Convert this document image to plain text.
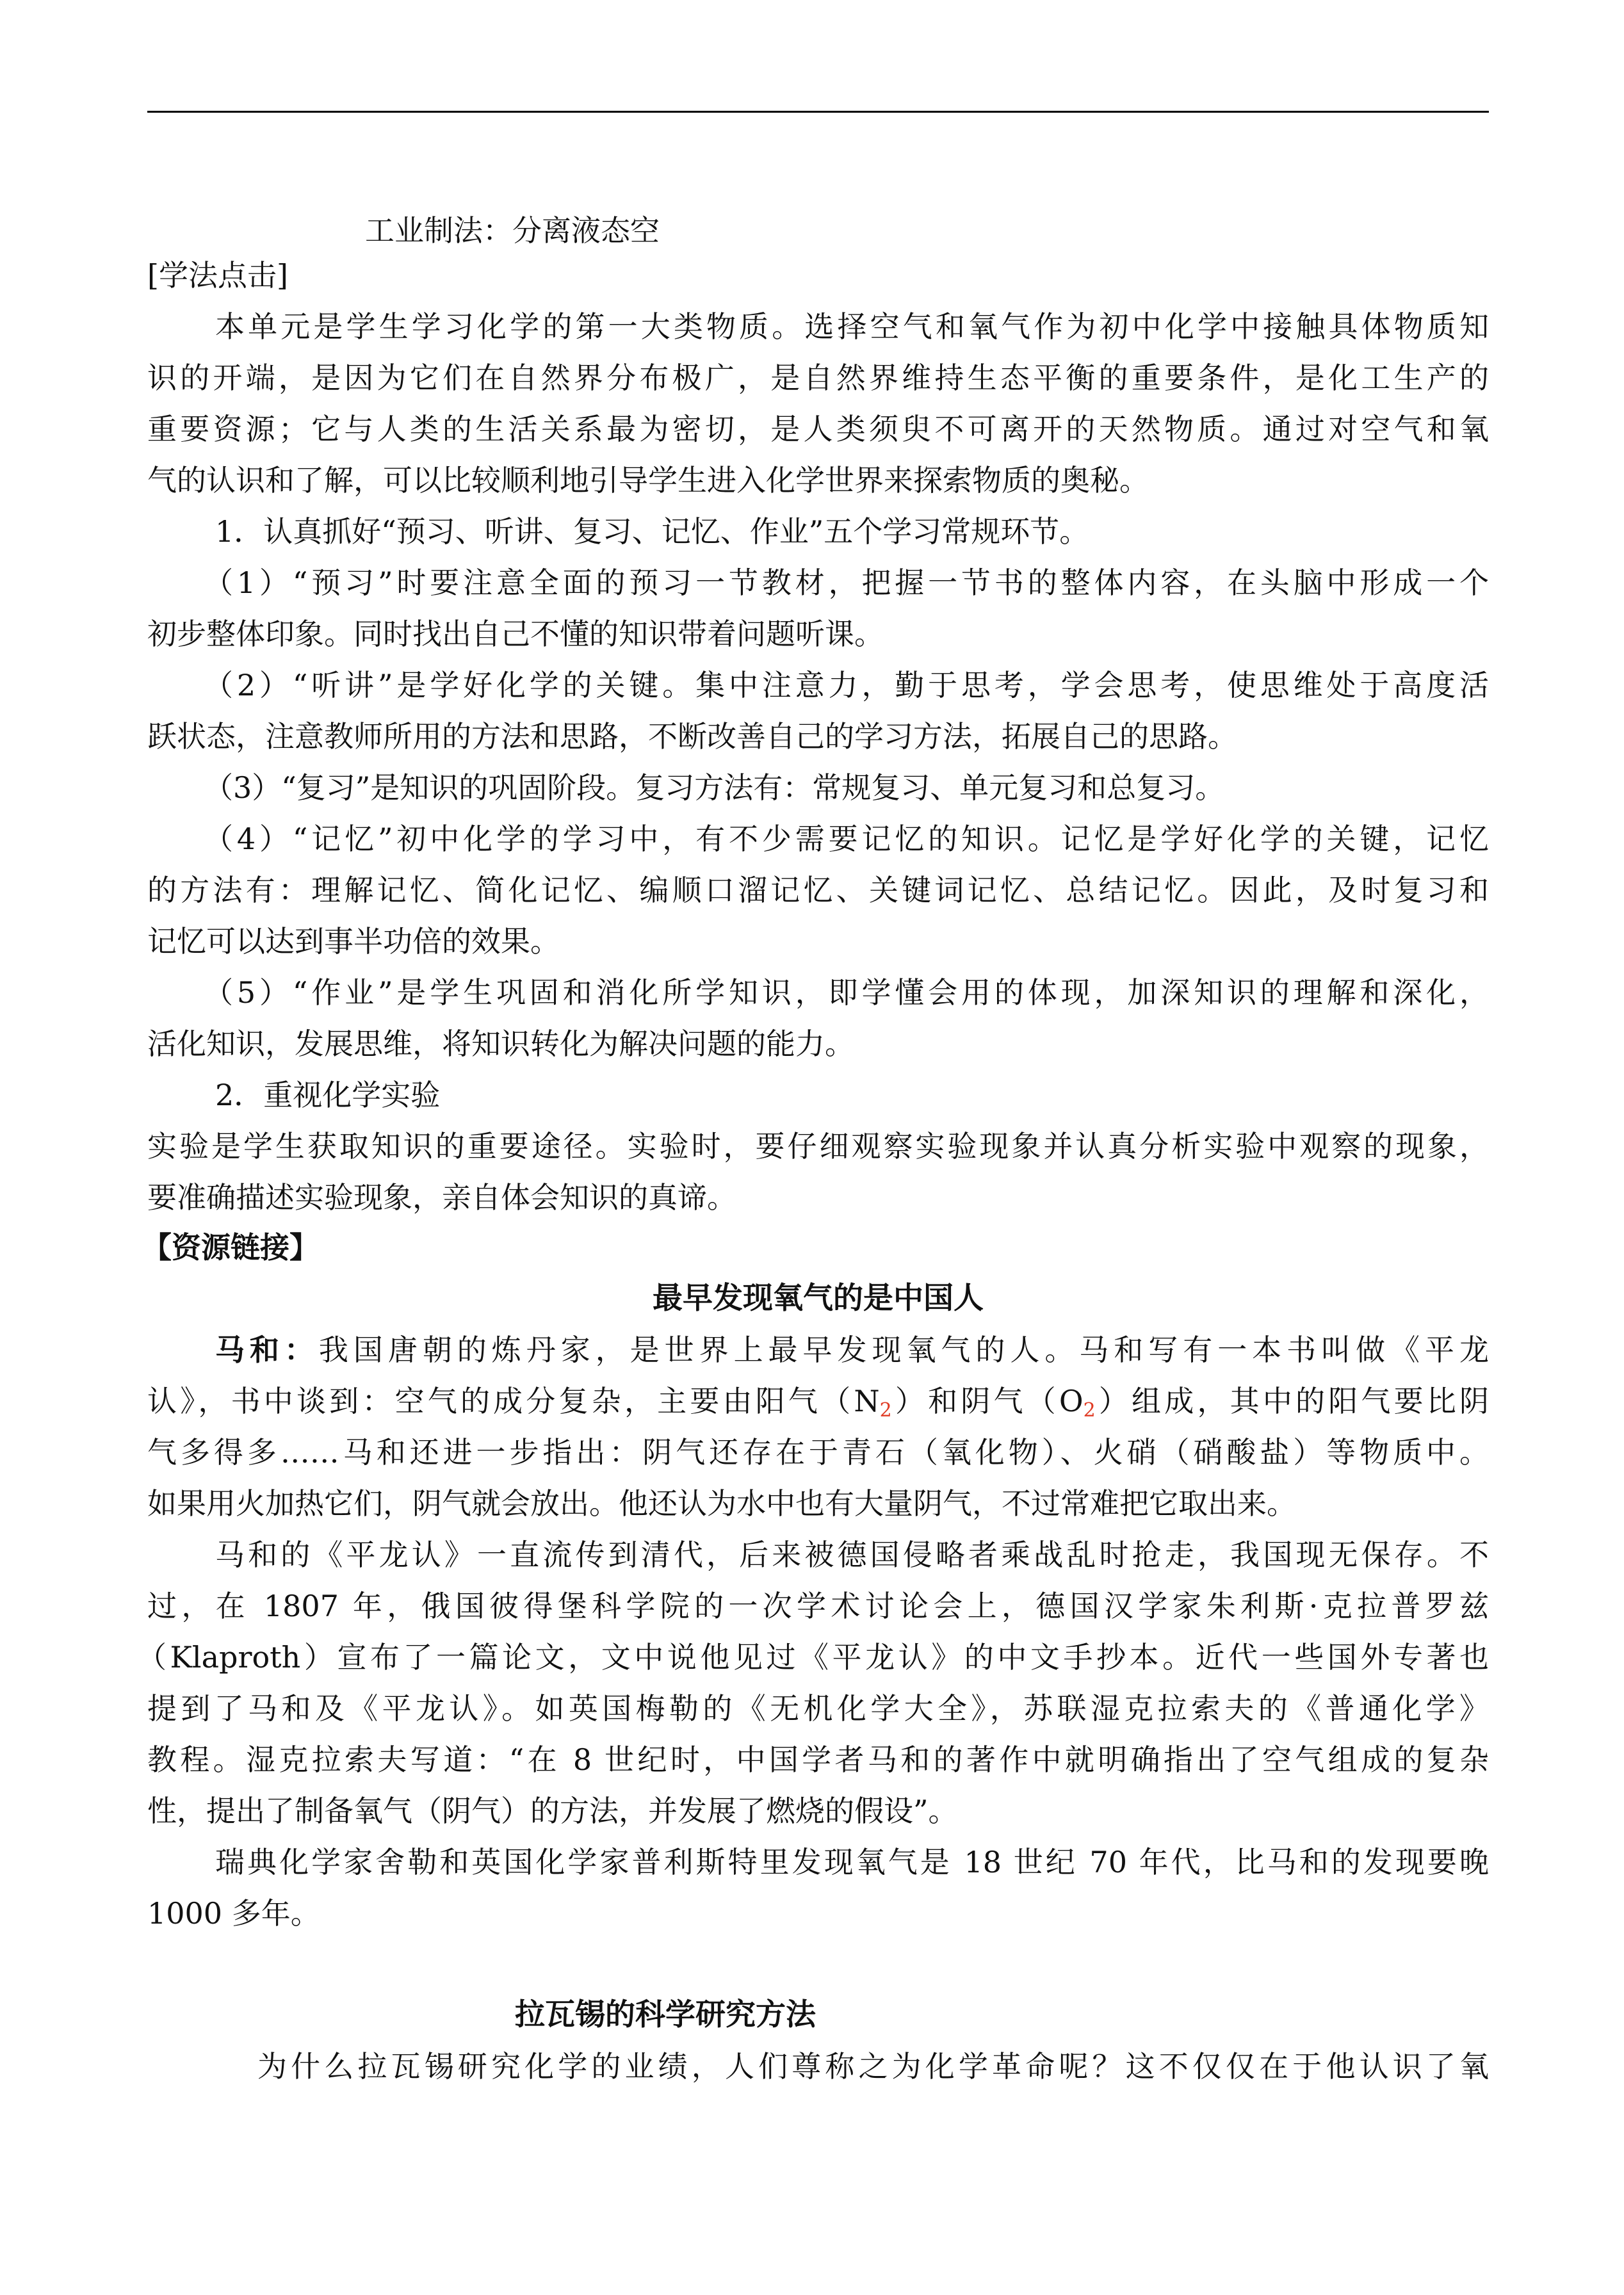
工业制法：分离液态空
[学法点击]
本单元是学生学习化学的第一大类物质。选择空气和氧气作为初中化学中接触具体物质知
识的开端，是因为它们在自然界分布极广，是自然界维持生态平衡的重要条件，是化工生产的
重要资源；它与人类的生活关系最为密切，是人类须臾不可离开的天然物质。通过对空气和氧
气的认识和了解，可以比较顺利地引导学生进入化学世界来探索物质的奥秘。
1．认真抓好“预习、听讲、复习、记忆、作业”五个学习常规环节。
（1）“预习”时要注意全面的预习一节教材，把握一节书的整体内容，在头脑中形成一个
初步整体印象。同时找出自己不懂的知识带着问题听课。
（2）“听讲”是学好化学的关键。集中注意力，勤于思考，学会思考，使思维处于高度活
跃状态，注意教师所用的方法和思路，不断改善自己的学习方法，拓展自己的思路。
（3）“复习”是知识的巩固阶段。复习方法有：常规复习、单元复习和总复习。
（4）“记忆”初中化学的学习中，有不少需要记忆的知识。记忆是学好化学的关键，记忆
的方法有：理解记忆、简化记忆、编顺口溜记忆、关键词记忆、总结记忆。因此，及时复习和
记忆可以达到事半功倍的效果。
（5）“作业”是学生巩固和消化所学知识，即学懂会用的体现，加深知识的理解和深化，
活化知识，发展思维，将知识转化为解决问题的能力。
2．重视化学实验
实验是学生获取知识的重要途径。实验时，要仔细观察实验现象并认真分析实验中观察的现象，
要准确描述实验现象，亲自体会知识的真谛。
【资源链接】
最早发现氧气的是中国人
马和：我国唐朝的炼丹家，是世界上最早发现氧气的人。马和写有一本书叫做《平龙
认》，书中谈到：空气的成分复杂，主要由阳气$(N_2)$和阴气$(O_2)$组成，其中的阳气要比阴
气多得多……马和还进一步指出：阴气还存在于青石（氧化物）、火硝（硝酸盐）等物质中。
如果用火加热它们，阴气就会放出。他还认为水中也有大量阴气，不过常难把它取出来。
马和的《平龙认》一直流传到清代，后来被德国侵略者乘战乱时抢走，我国现无保存。不
过，在 1807 年，俄国彼得堡科学院的一次学术讨论会上，德国汉学家朱利斯·克拉普罗兹
（Klaproth）宣布了一篇论文，文中说他见过《平龙认》的中文手抄本。近代一些国外专著也
提到了马和及《平龙认》。如英国梅勒的《无机化学大全》，苏联湿克拉索夫的《普通化学》
教程。湿克拉索夫写道：“在 8 世纪时，中国学者马和的著作中就明确指出了空气组成的复杂
性，提出了制备氧气（阴气）的方法，并发展了燃烧的假设”。
瑞典化学家舍勒和英国化学家普利斯特里发现氧气是 18 世纪 70 年代，比马和的发现要晚
1000 多年。
拉瓦锡的科学研究方法
为什么拉瓦锡研究化学的业绩，人们尊称之为化学革命呢？这不仅仅在于他认识了氧
